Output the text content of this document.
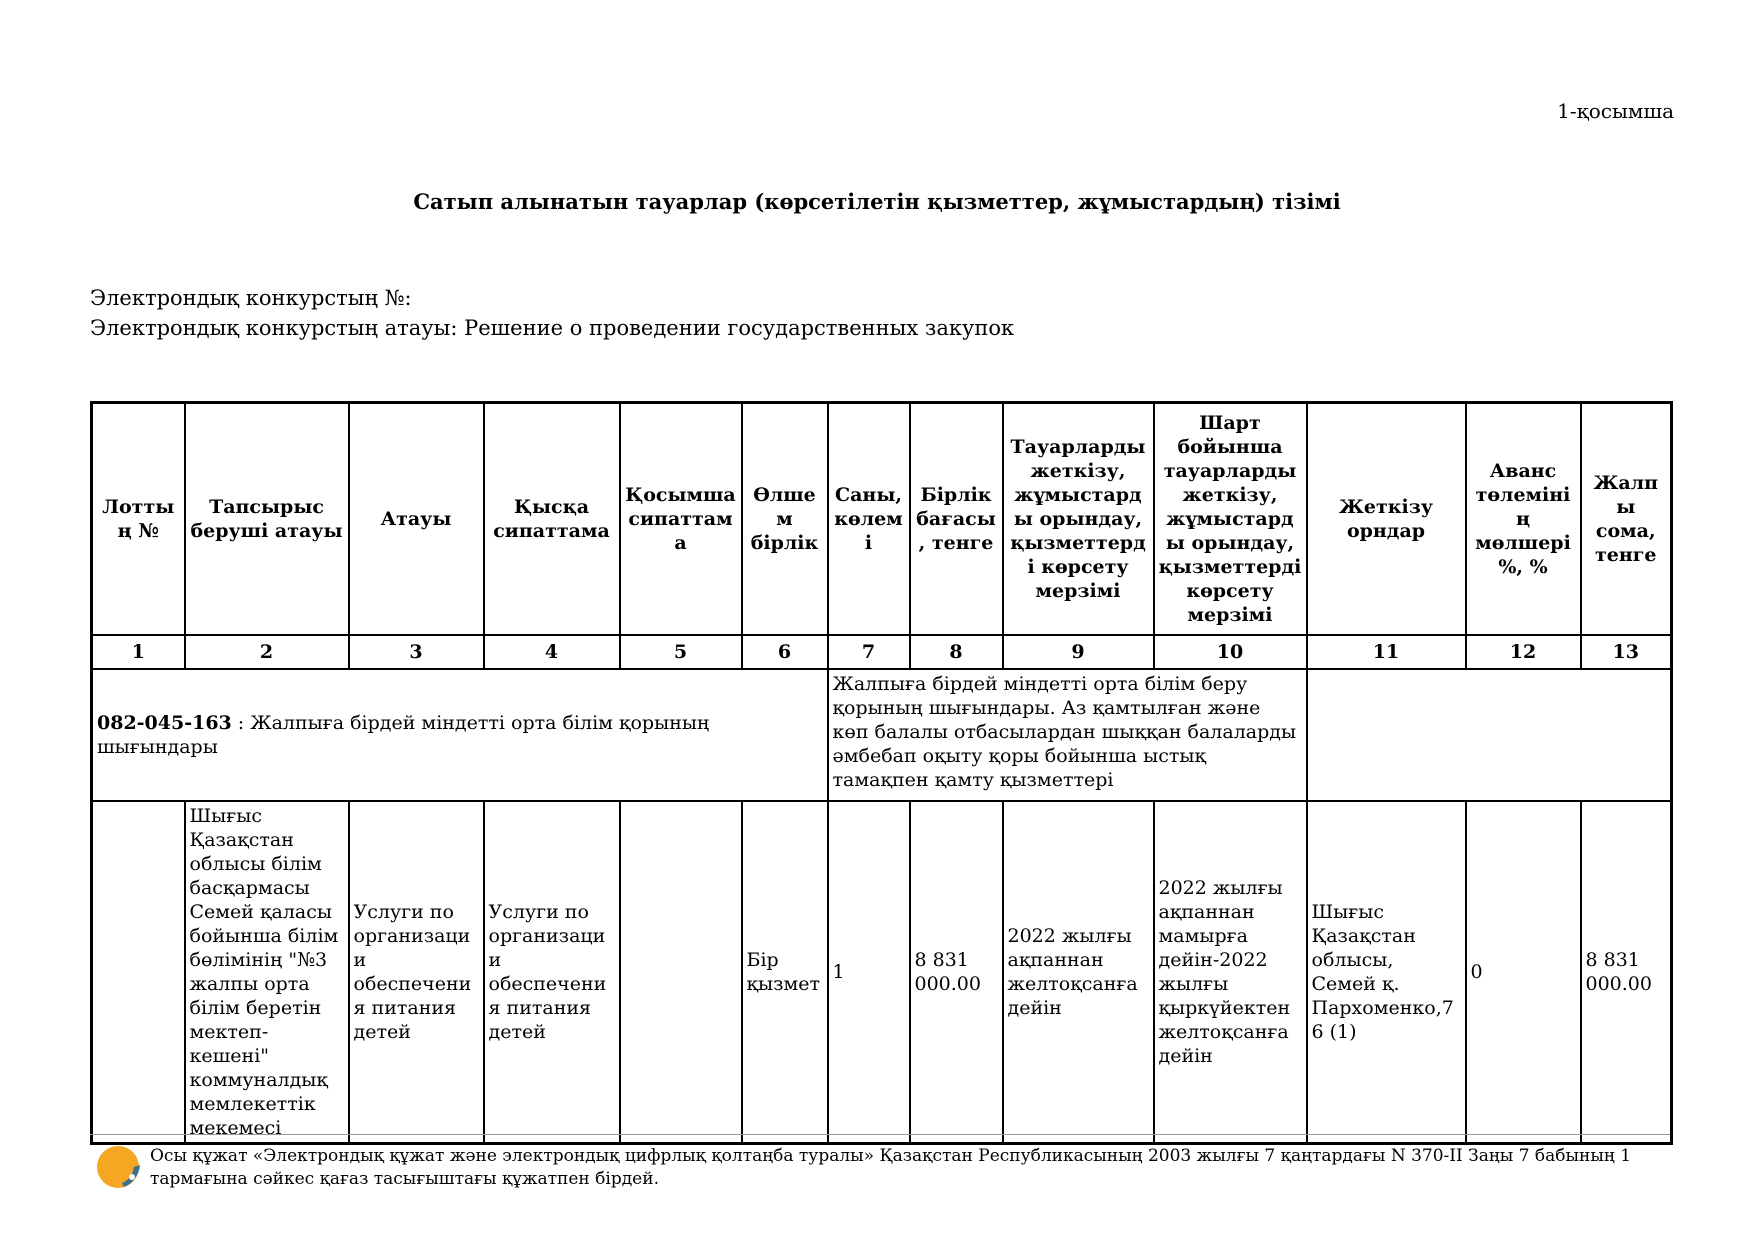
1-қосымша
Сатып алынатын тауарлар (көрсетілетін қызметтер, жұмыстардың) тізімі
Электрондық конкурстың №:
Электрондық конкурстың атауы: Решение о проведении государственных закупок
Лоттың №	Тапсырыс беруші атауы	Атауы	Қысқа сипаттама	Қосымша сипаттама	Өлшем бірлік	Саны, көлемі	Бірлік бағасы, тенге	Тауарларды жеткізу, жұмыстарды орындау, қызметтерді көрсету мерзімі	Шарт бойынша тауарларды жеткізу, жұмыстарды орындау, қызметтерді көрсету мерзімі	Жеткізу орндар	Аванс төлемінің мөлшері %, %	Жалпы сома, тенге
1	2	3	4	5	6	7	8	9	10	11	12	13
082-045-163 : Жалпыға бірдей міндетті орта білім қорының шығындары						Жалпыға бірдей міндетті орта білім беру қорының шығындары. Аз қамтылған және көп балалы отбасылардан шыққан балаларды әмбебап оқыту қоры бойынша ыстық тамақпен қамту қызметтері						
	Шығыс Қазақстан облысы білім басқармасы Семей қаласы бойынша білім бөлімінің "№3 жалпы орта білім беретін мектеп-кешені" коммуналдық мемлекеттік мекемесі	Услуги по организации обеспечения питания детей	Услуги по организации обеспечения питания детей		Бір қызмет	1	8 831 000.00	2022 жылғы ақпаннан желтоқсанға дейін	2022 жылғы ақпаннан мамырға дейін-2022 жылғы қыркүйектен желтоқсанға дейін	Шығыс Қазақстан облысы, Семей қ. Пархоменко,76 (1)	0	8 831 000.00
Осы құжат «Электрондық құжат және электрондық цифрлық қолтаңба туралы» Қазақстан Республикасының 2003 жылғы 7 қаңтардағы N 370-II Заңы 7 бабының 1 тармағына сәйкес қағаз тасығыштағы құжатпен бірдей.
